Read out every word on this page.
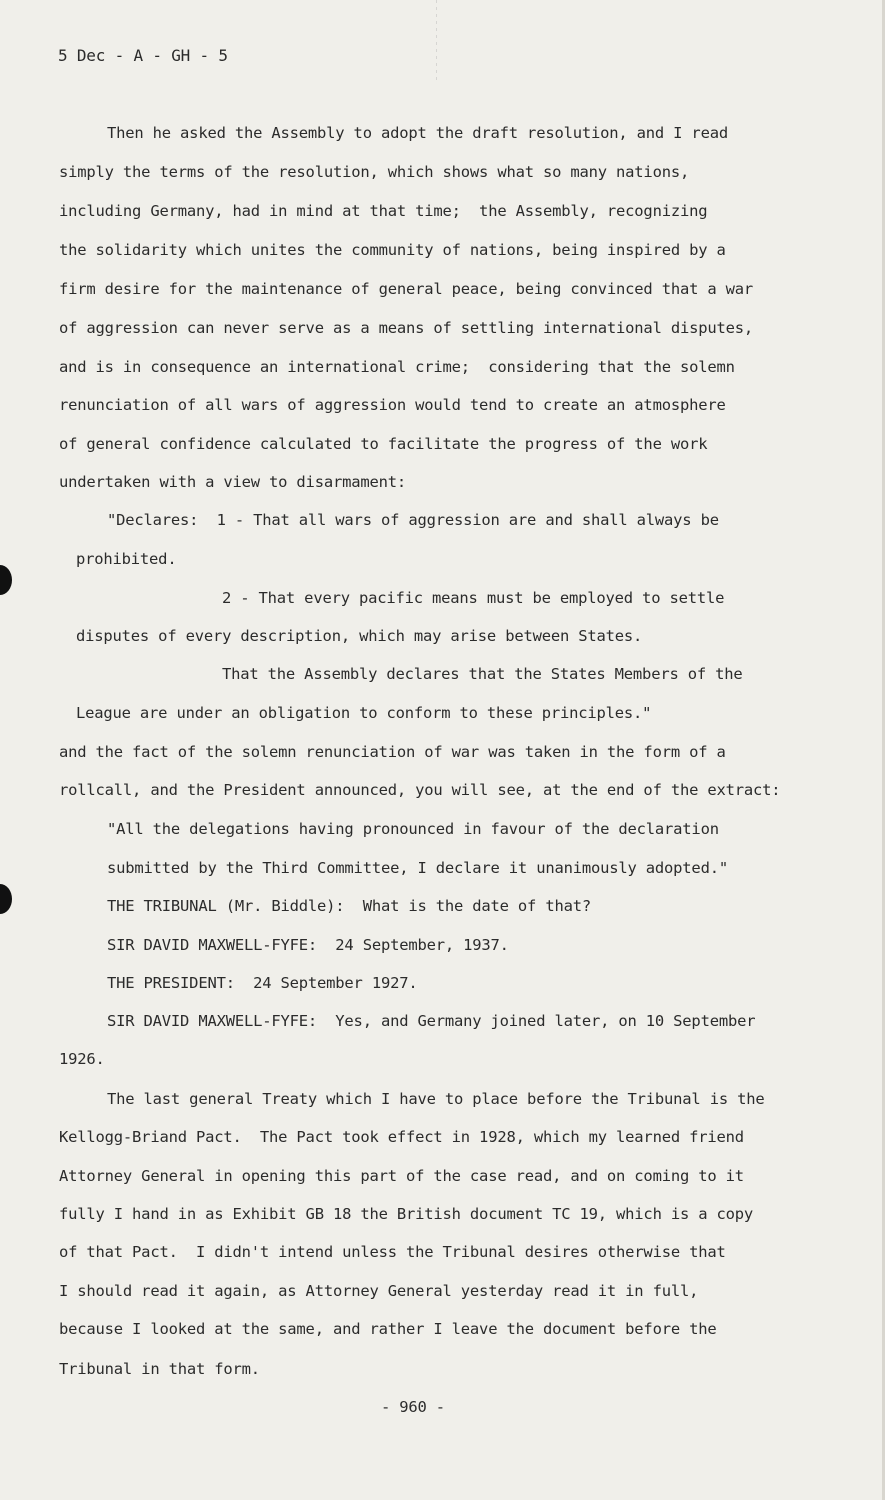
5 Dec - A - GH - 5
Then he asked the Assembly to adopt the draft resolution, and I read
simply the terms of the resolution, which shows what so many nations,
including Germany, had in mind at that time;  the Assembly, recognizing
the solidarity which unites the community of nations, being inspired by a
firm desire for the maintenance of general peace, being convinced that a war
of aggression can never serve as a means of settling international disputes,
and is in consequence an international crime;  considering that the solemn
renunciation of all wars of aggression would tend to create an atmosphere
of general confidence calculated to facilitate the progress of the work
undertaken with a view to disarmament:
"Declares:  1 - That all wars of aggression are and shall always be
prohibited.
2 - That every pacific means must be employed to settle
disputes of every description, which may arise between States.
That the Assembly declares that the States Members of the
League are under an obligation to conform to these principles."
and the fact of the solemn renunciation of war was taken in the form of a
rollcall, and the President announced, you will see, at the end of the extract:
"All the delegations having pronounced in favour of the declaration
submitted by the Third Committee, I declare it unanimously adopted."
THE TRIBUNAL (Mr. Biddle):  What is the date of that?
SIR DAVID MAXWELL-FYFE:  24 September, 1937.
THE PRESIDENT:  24 September 1927.
SIR DAVID MAXWELL-FYFE:  Yes, and Germany joined later, on 10 September
1926.
The last general Treaty which I have to place before the Tribunal is the
Kellogg-Briand Pact.  The Pact took effect in 1928, which my learned friend
Attorney General in opening this part of the case read, and on coming to it
fully I hand in as Exhibit GB 18 the British document TC 19, which is a copy
of that Pact.  I didn't intend unless the Tribunal desires otherwise that
I should read it again, as Attorney General yesterday read it in full,
because I looked at the same, and rather I leave the document before the
Tribunal in that form.
- 960 -
